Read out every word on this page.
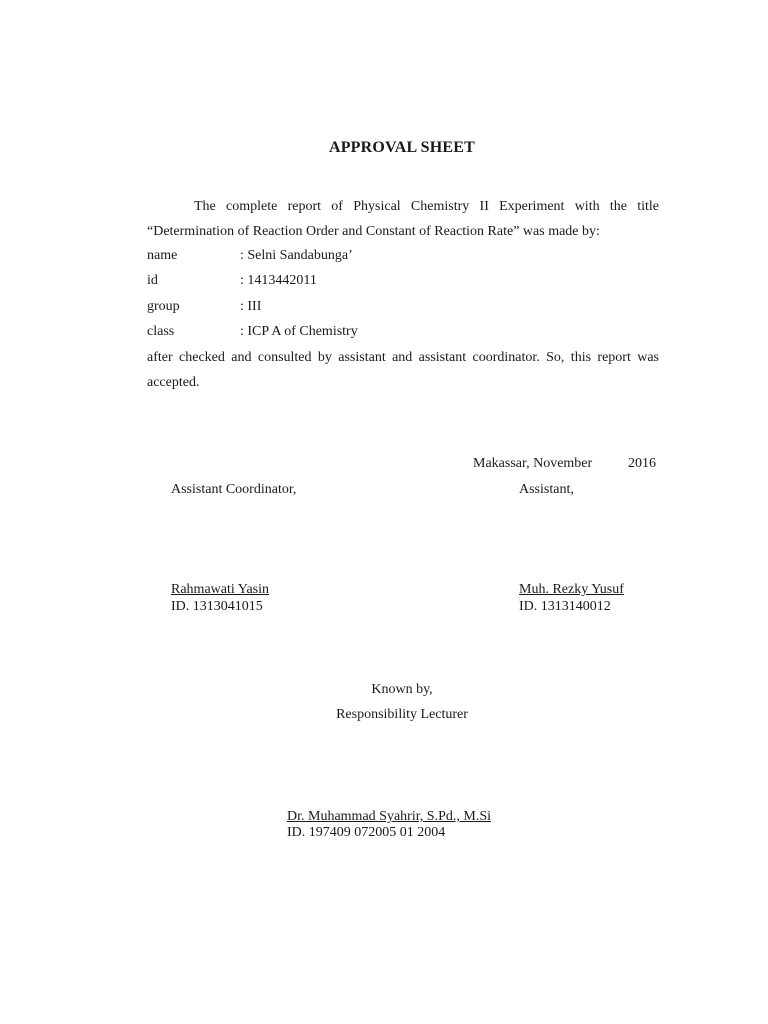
APPROVAL SHEET

The complete report of Physical Chemistry II Experiment with the title “Determination of Reaction Order and Constant of Reaction Rate” was made by:

name	: Selni Sandabunga’
id	: 1413442011
group	: III
class	: ICP A of Chemistry

after checked and consulted by assistant and assistant coordinator. So, this report was accepted.

Makassar, November	2016
Assistant Coordinator,	Assistant,
Rahmawati Yasin
ID. 1313041015
Muh. Rezky Yusuf
ID. 1313140012
Known by,
Responsibility Lecturer
Dr. Muhammad Syahrir, S.Pd., M.Si
ID. 197409 072005 01 2004
